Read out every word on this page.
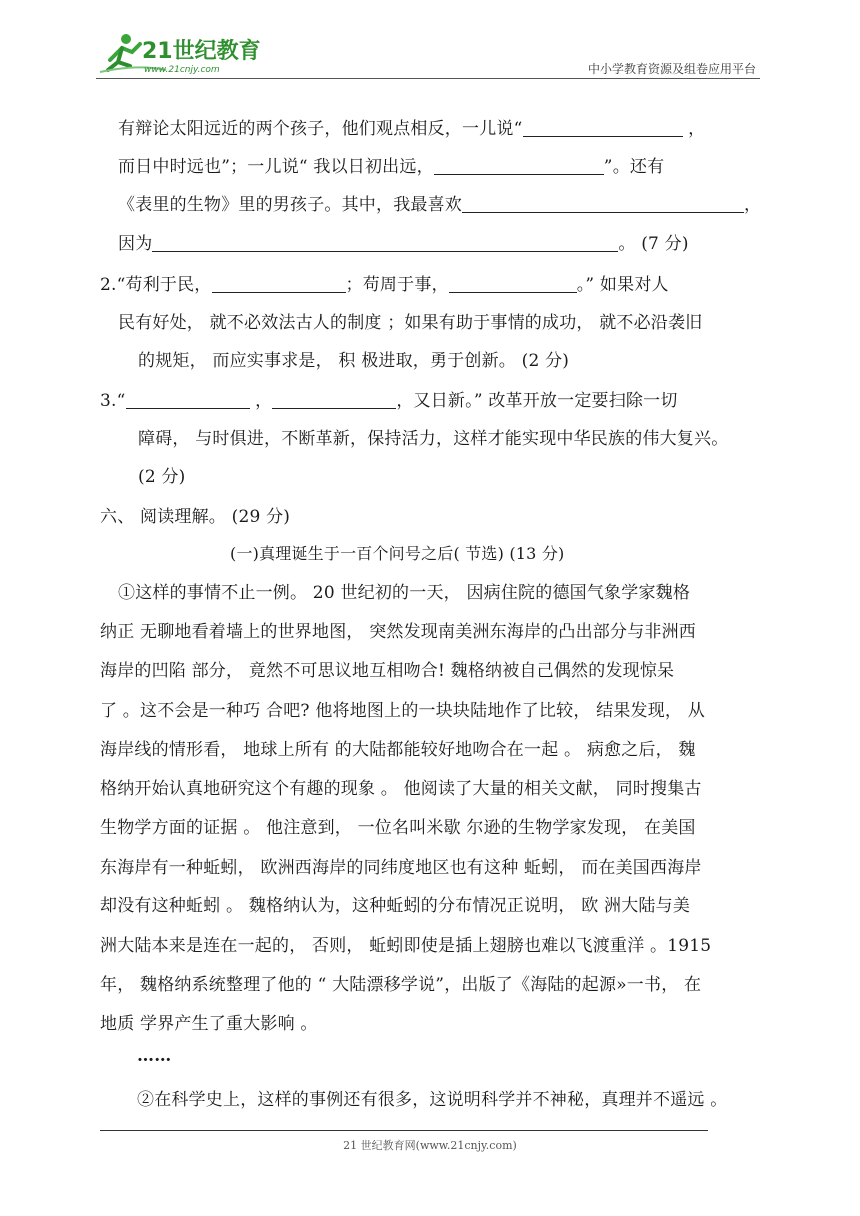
21世纪教育
www.21cnjy.com	中小学教育资源及组卷应用平台
有辩论太阳远近的两个孩子，他们观点相反，一儿说“	，
而日中时远也”；一儿说“ 我以日初出远，	”。还有
《表里的生物》里的男孩子。其中，我最喜欢	，
因为	。 (7 分)
2.“苟利于民，	；苟周于事，	。” 如果对人
民有好处， 就不必效法古人的制度 ；如果有助于事情的成功， 就不必沿袭旧
的规矩， 而应实事求是， 积 极进取，勇于创新。 (2 分)
3.“	，	，又日新。” 改革开放一定要扫除一切
障碍， 与时俱进，不断革新，保持活力，这样才能实现中华民族的伟大复兴。
(2 分)
六、 阅读理解。 (29 分)
(一)真理诞生于一百个问号之后( 节选) (13 分)
①这样的事情不止一例。 20 世纪初的一天， 因病住院的德国气象学家魏格
纳正 无聊地看着墙上的世界地图， 突然发现南美洲东海岸的凸出部分与非洲西
海岸的凹陷 部分， 竟然不可思议地互相吻合! 魏格纳被自己偶然的发现惊呆
了 。这不会是一种巧 合吧? 他将地图上的一块块陆地作了比较， 结果发现， 从
海岸线的情形看， 地球上所有 的大陆都能较好地吻合在一起 。 病愈之后， 魏
格纳开始认真地研究这个有趣的现象 。 他阅读了大量的相关文献， 同时搜集古
生物学方面的证据 。 他注意到， 一位名叫米歇 尔逊的生物学家发现， 在美国
东海岸有一种蚯蚓， 欧洲西海岸的同纬度地区也有这种 蚯蚓， 而在美国西海岸
却没有这种蚯蚓 。 魏格纳认为，这种蚯蚓的分布情况正说明， 欧 洲大陆与美
洲大陆本来是连在一起的， 否则， 蚯蚓即使是插上翅膀也难以飞渡重洋 。1915
年， 魏格纳系统整理了他的 “ 大陆漂移学说”，出版了《海陆的起源»一书， 在
地质 学界产生了重大影响 。
……
②在科学史上，这样的事例还有很多，这说明科学并不神秘，真理并不遥远 。
21 世纪教育网(www.21cnjy.com)
